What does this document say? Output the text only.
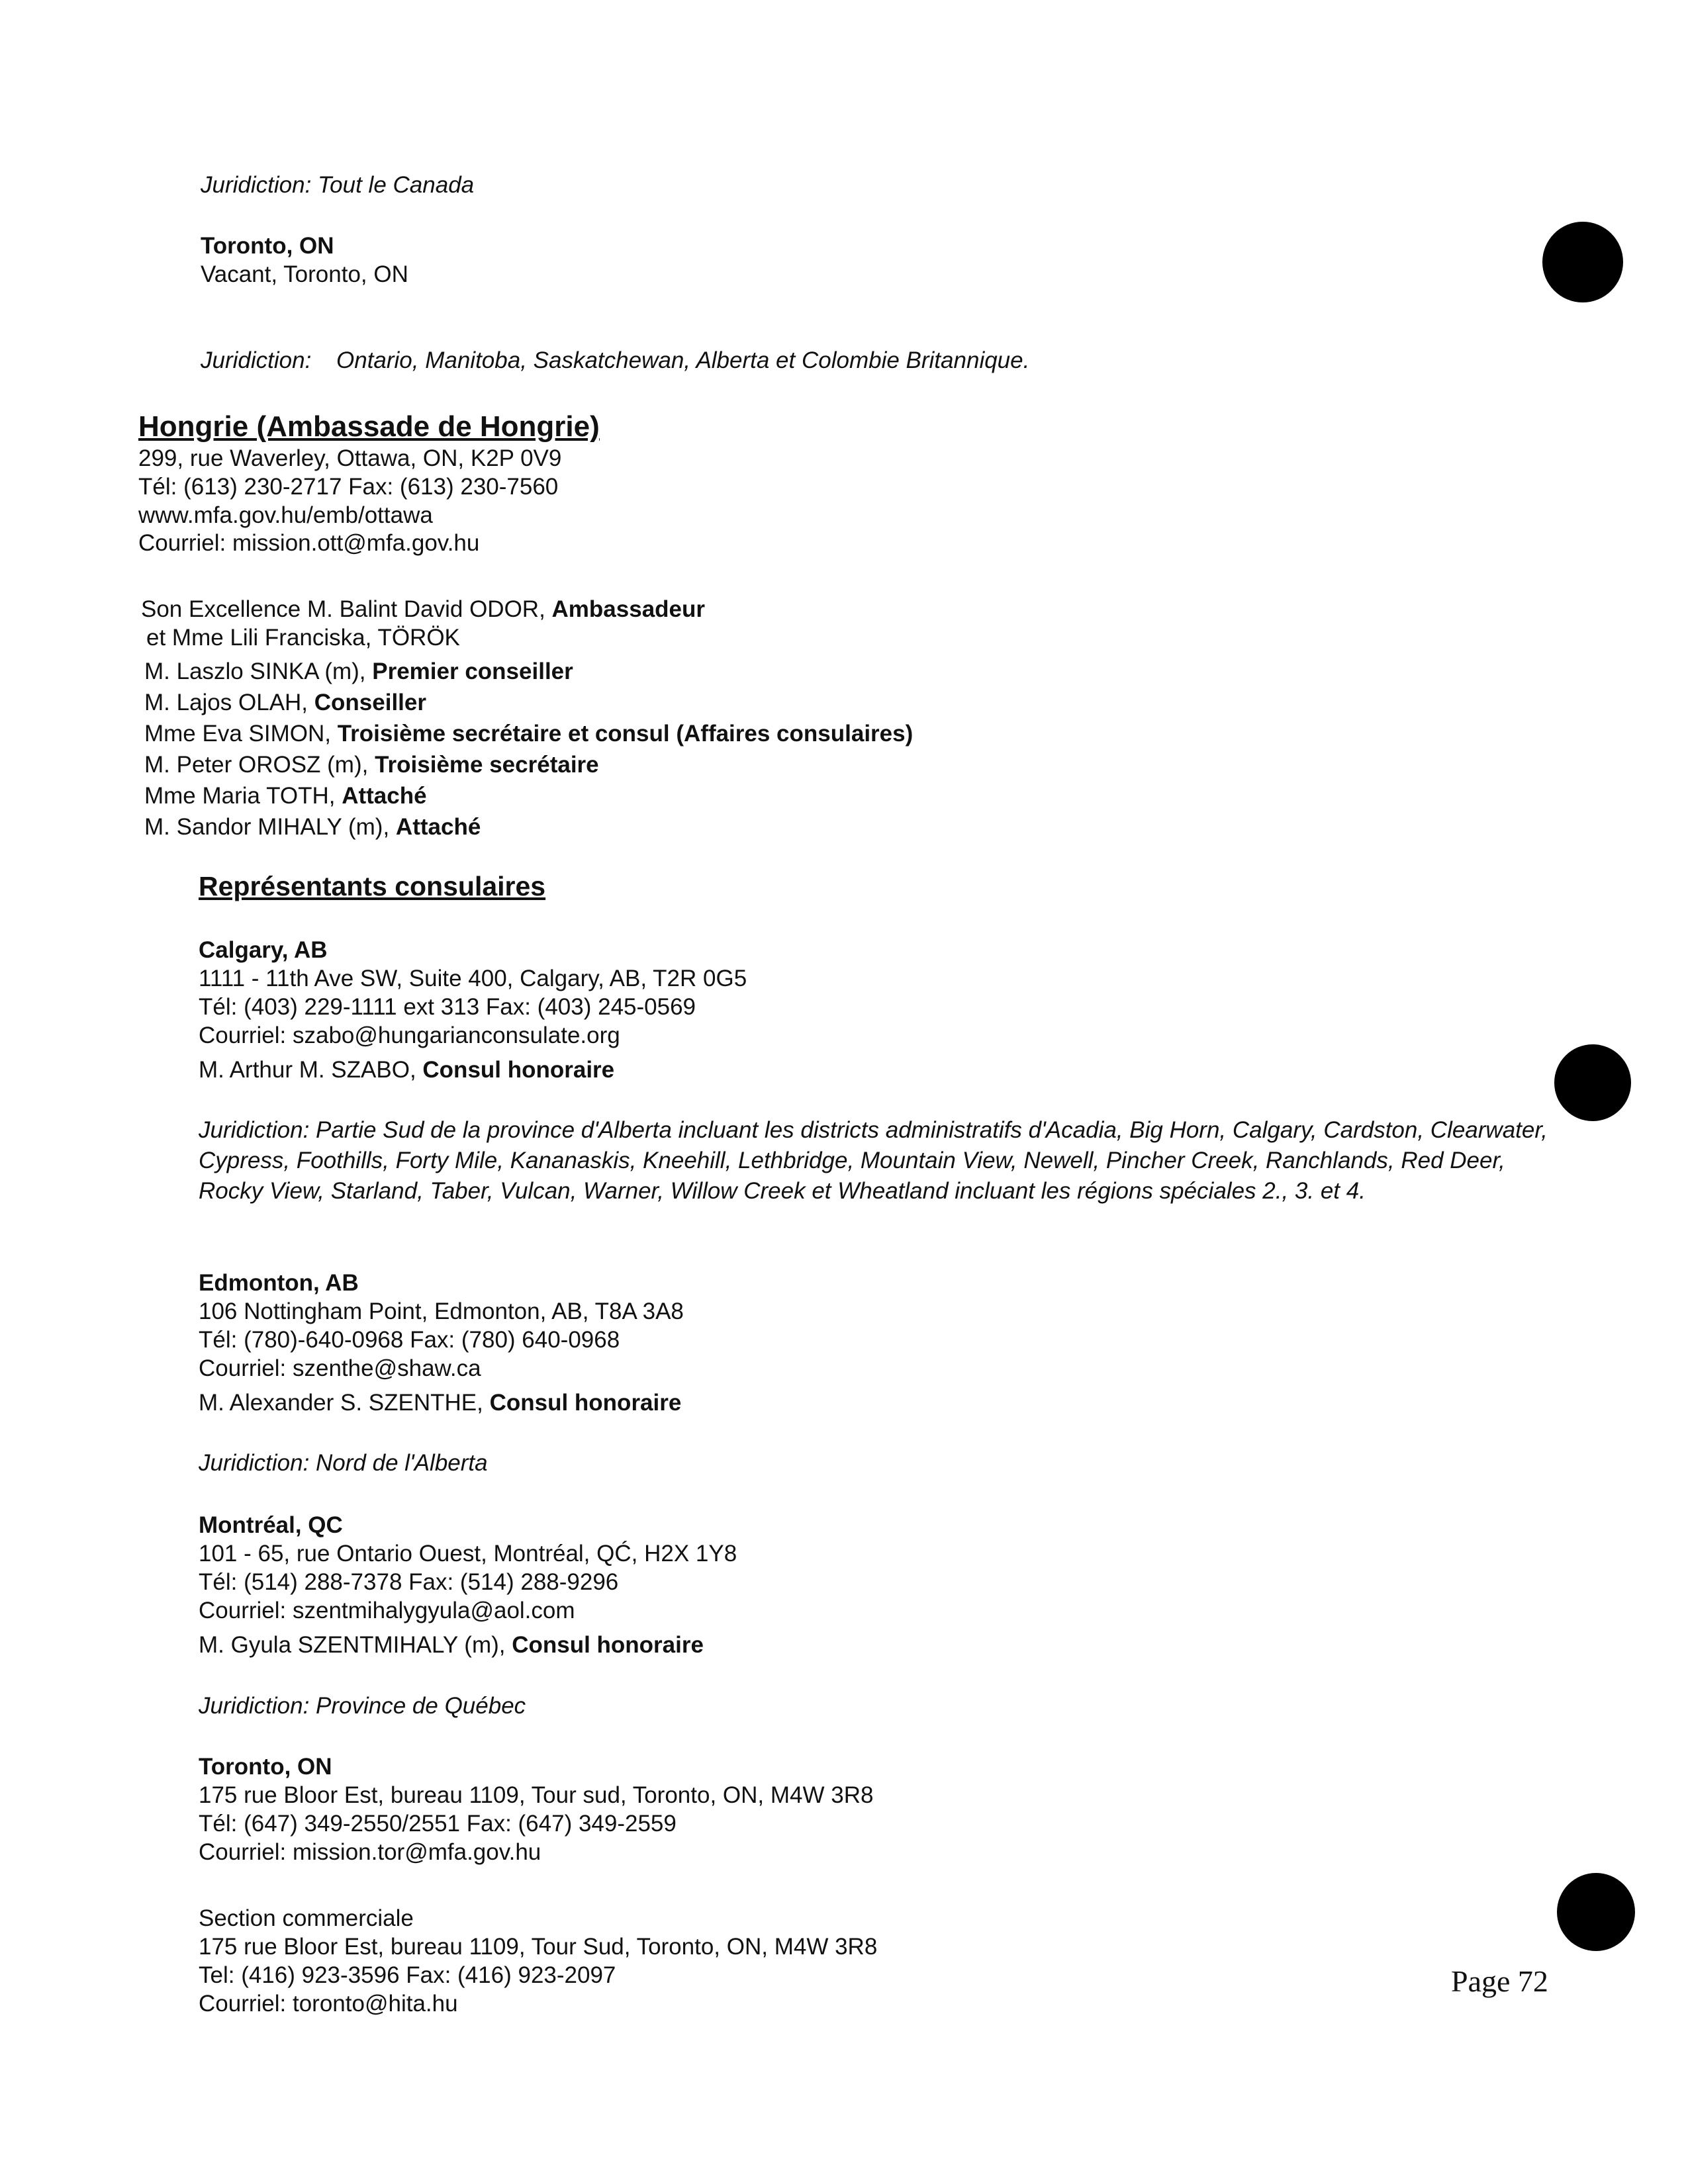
Juridiction: Tout le Canada
Toronto, ON
Vacant, Toronto, ON
Juridiction: Ontario, Manitoba, Saskatchewan, Alberta et Colombie Britannique.
Hongrie (Ambassade de Hongrie)
299, rue Waverley, Ottawa, ON, K2P 0V9
Tél: (613) 230-2717 Fax: (613) 230-7560
www.mfa.gov.hu/emb/ottawa
Courriel: mission.ott@mfa.gov.hu
Son Excellence M. Balint David ODOR, Ambassadeur
et Mme Lili Franciska, TÖRÖK
M. Laszlo SINKA (m), Premier conseiller
M. Lajos OLAH, Conseiller
Mme Eva SIMON, Troisième secrétaire et consul (Affaires consulaires)
M. Peter OROSZ (m), Troisième secrétaire
Mme Maria TOTH, Attaché
M. Sandor MIHALY (m), Attaché
Représentants consulaires
Calgary, AB
1111 - 11th Ave SW, Suite 400, Calgary, AB, T2R 0G5
Tél: (403) 229-1111 ext 313 Fax: (403) 245-0569
Courriel: szabo@hungarianconsulate.org
M. Arthur M. SZABO, Consul honoraire
Juridiction: Partie Sud de la province d'Alberta incluant les districts administratifs d'Acadia, Big Horn, Calgary, Cardston, Clearwater, Cypress, Foothills, Forty Mile, Kananaskis, Kneehill, Lethbridge, Mountain View, Newell, Pincher Creek, Ranchlands, Red Deer, Rocky View, Starland, Taber, Vulcan, Warner, Willow Creek et Wheatland incluant les régions spéciales 2., 3. et 4.
Edmonton, AB
106 Nottingham Point, Edmonton, AB, T8A 3A8
Tél: (780)-640-0968 Fax: (780) 640-0968
Courriel: szenthe@shaw.ca
M. Alexander S. SZENTHE, Consul honoraire
Juridiction: Nord de l'Alberta
Montréal, QC
101 - 65, rue Ontario Ouest, Montréal, QĆ, H2X 1Y8
Tél: (514) 288-7378 Fax: (514) 288-9296
Courriel: szentmihalygyula@aol.com
M. Gyula SZENTMIHALY (m), Consul honoraire
Juridiction: Province de Québec
Toronto, ON
175 rue Bloor Est, bureau 1109, Tour sud, Toronto, ON, M4W 3R8
Tél: (647) 349-2550/2551 Fax: (647) 349-2559
Courriel: mission.tor@mfa.gov.hu
Section commerciale
175 rue Bloor Est, bureau 1109, Tour Sud, Toronto, ON, M4W 3R8
Tel: (416) 923-3596 Fax: (416) 923-2097
Courriel: toronto@hita.hu
Page 72
